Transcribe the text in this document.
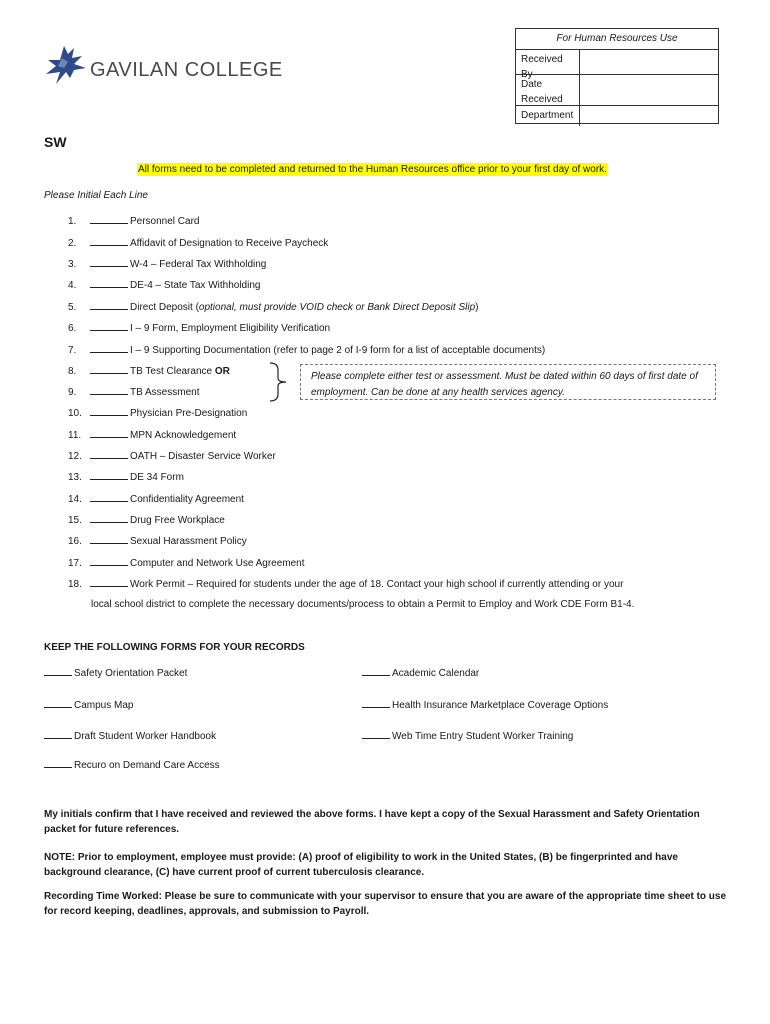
GAVILAN COLLEGE
For Human Resources Use
Received By
Date Received
Department
SW
All forms need to be completed and returned to the Human Resources office prior to your first day of work.
Please Initial Each Line
1.	Personnel Card
2.	Affidavit of Designation to Receive Paycheck
3.	W-4 – Federal Tax Withholding
4.	DE-4 – State Tax Withholding
5.	Direct Deposit (optional, must provide VOID check or Bank Direct Deposit Slip)
6.	I – 9 Form, Employment Eligibility Verification
7.	I – 9 Supporting Documentation (refer to page 2 of I-9 form for a list of acceptable documents)
8.	TB Test Clearance OR
9.	TB Assessment
10.	Physician Pre-Designation
11.	MPN Acknowledgement
12.	OATH – Disaster Service Worker
13.	DE 34 Form
14.	Confidentiality Agreement
15.	Drug Free Workplace
16.	Sexual Harassment Policy
17.	Computer and Network Use Agreement
18.	Work Permit – Required for students under the age of 18. Contact your high school if currently attending or your
local school district to complete the necessary documents/process to obtain a Permit to Employ and Work CDE Form B1-4.
Please complete either test or assessment. Must be dated within 60 days of first date of employment. Can be done at any health services agency.
KEEP THE FOLLOWING FORMS FOR YOUR RECORDS
Safety Orientation Packet
Campus Map
Draft Student Worker Handbook
Recuro on Demand Care Access
Academic Calendar
Health Insurance Marketplace Coverage Options
Web Time Entry Student Worker Training
My initials confirm that I have received and reviewed the above forms. I have kept a copy of the Sexual Harassment and Safety Orientation packet for future references.
NOTE: Prior to employment, employee must provide: (A) proof of eligibility to work in the United States, (B) be fingerprinted and have background clearance, (C) have current proof of current tuberculosis clearance.
Recording Time Worked: Please be sure to communicate with your supervisor to ensure that you are aware of the appropriate time sheet to use for record keeping, deadlines, approvals, and submission to Payroll.
